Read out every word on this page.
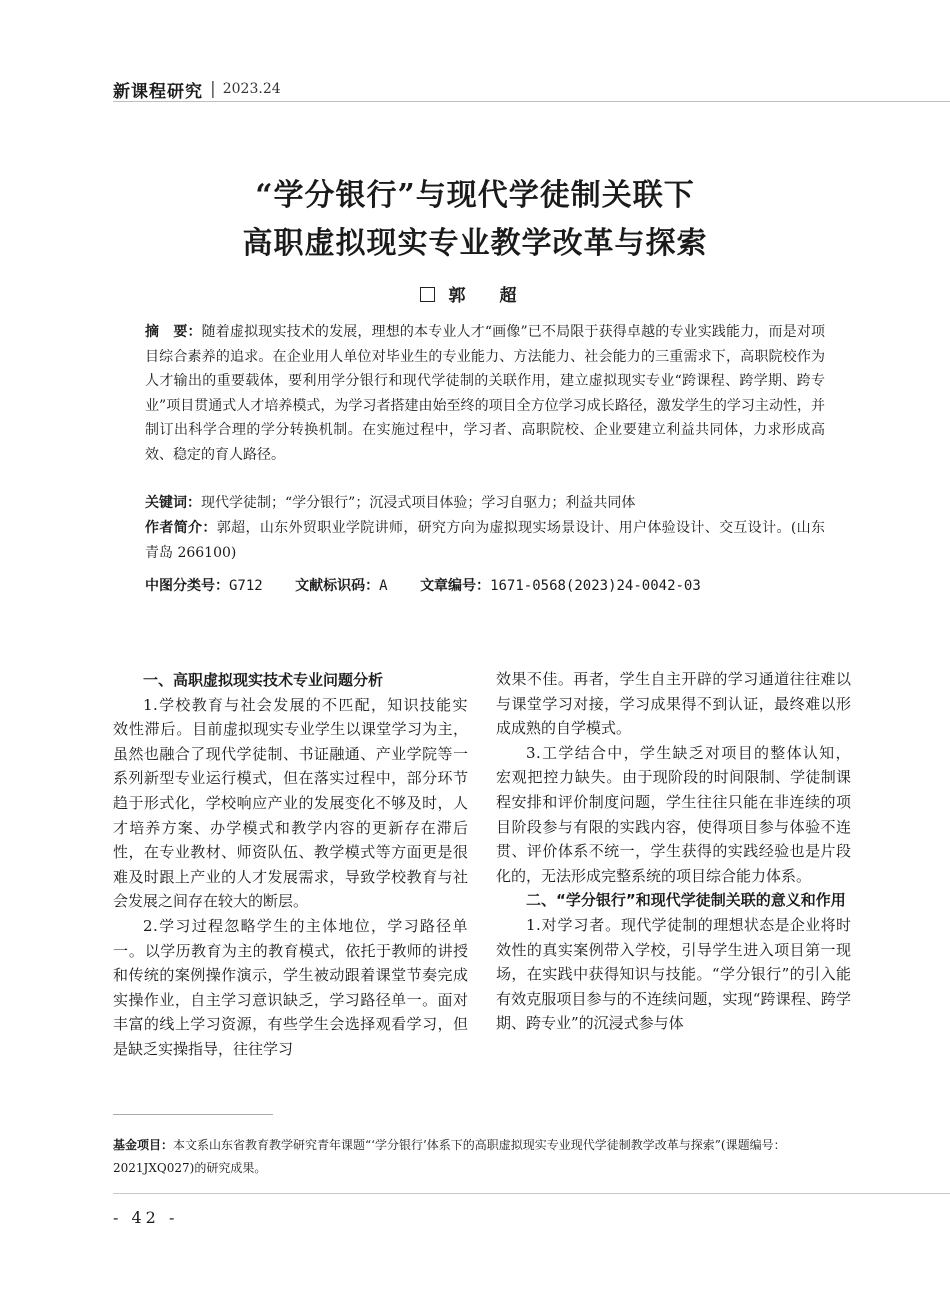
新课程研究 | 2023.24
“学分银行”与现代学徒制关联下
高职虚拟现实专业教学改革与探索
郭 超
摘　要：随着虚拟现实技术的发展，理想的本专业人才“画像”已不局限于获得卓越的专业实践能力，而是对项目综合素养的追求。在企业用人单位对毕业生的专业能力、方法能力、社会能力的三重需求下，高职院校作为人才输出的重要载体，要利用学分银行和现代学徒制的关联作用，建立虚拟现实专业“跨课程、跨学期、跨专业”项目贯通式人才培养模式，为学习者搭建由始至终的项目全方位学习成长路径，激发学生的学习主动性，并制订出科学合理的学分转换机制。在实施过程中，学习者、高职院校、企业要建立利益共同体，力求形成高效、稳定的育人路径。
关键词：现代学徒制；“学分银行”；沉浸式项目体验；学习自驱力；利益共同体
作者简介：郭超，山东外贸职业学院讲师，研究方向为虚拟现实场景设计、用户体验设计、交互设计。(山东 青岛 266100)
中图分类号：G712 文献标识码：A 文章编号：1671-0568(2023)24-0042-03
一、高职虚拟现实技术专业问题分析

1.学校教育与社会发展的不匹配，知识技能实效性滞后。目前虚拟现实专业学生以课堂学习为主，虽然也融合了现代学徒制、书证融通、产业学院等一系列新型专业运行模式，但在落实过程中，部分环节趋于形式化，学校响应产业的发展变化不够及时，人才培养方案、办学模式和教学内容的更新存在滞后性，在专业教材、师资队伍、教学模式等方面更是很难及时跟上产业的人才发展需求，导致学校教育与社会发展之间存在较大的断层。

2.学习过程忽略学生的主体地位，学习路径单一。以学历教育为主的教育模式，依托于教师的讲授和传统的案例操作演示，学生被动跟着课堂节奏完成实操作业，自主学习意识缺乏，学习路径单一。面对丰富的线上学习资源，有些学生会选择观看学习，但是缺乏实操指导，往往学习

效果不佳。再者，学生自主开辟的学习通道往往难以与课堂学习对接，学习成果得不到认证，最终难以形成成熟的自学模式。

3.工学结合中，学生缺乏对项目的整体认知，宏观把控力缺失。由于现阶段的时间限制、学徒制课程安排和评价制度问题，学生往往只能在非连续的项目阶段参与有限的实践内容，使得项目参与体验不连贯、评价体系不统一，学生获得的实践经验也是片段化的，无法形成完整系统的项目综合能力体系。

二、“学分银行”和现代学徒制关联的意义和作用

1.对学习者。现代学徒制的理想状态是企业将时效性的真实案例带入学校，引导学生进入项目第一现场，在实践中获得知识与技能。“学分银行”的引入能有效克服项目参与的不连续问题，实现“跨课程、跨学期、跨专业”的沉浸式参与体

基金项目：本文系山东省教育教学研究青年课题“‘学分银行’体系下的高职虚拟现实专业现代学徒制教学改革与探索”(课题编号：2021JXQ027)的研究成果。
- 42 -
